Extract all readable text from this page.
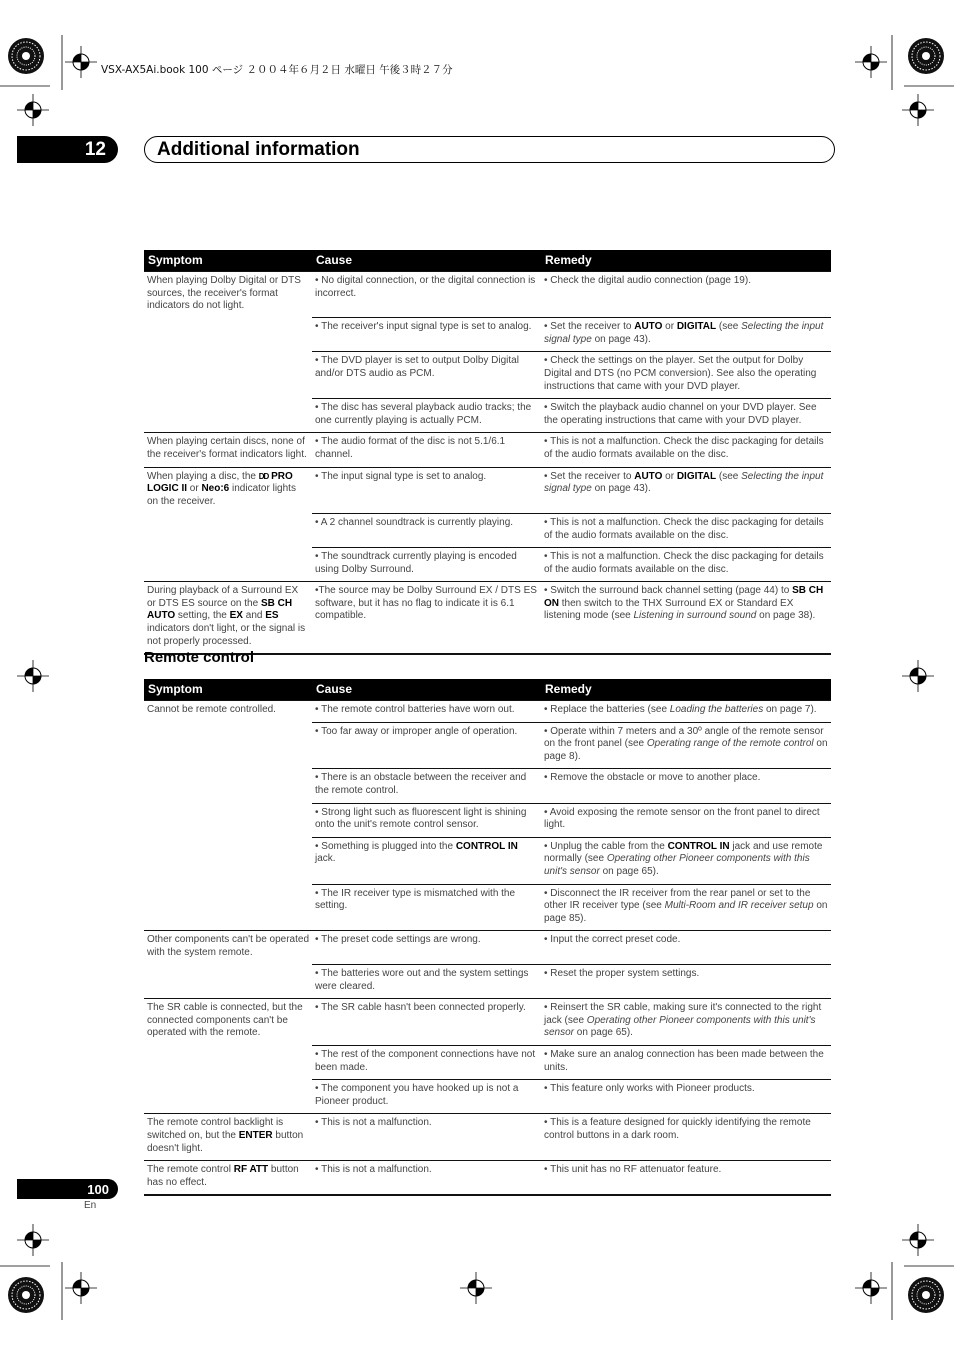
VSX-AX5Ai.book 100 ページ ２００４年６月２日 水曜日 午後３時２７分
12	Additional information
Symptom	Cause	Remedy
When playing Dolby Digital or DTS sources, the receiver's format indicators do not light.	• No digital connection, or the digital connection is incorrect.	• Check the digital audio connection (page 19).
	• The receiver's input signal type is set to analog.	• Set the receiver to AUTO or DIGITAL (see Selecting the input signal type on page 43).
	• The DVD player is set to output Dolby Digital and/or DTS audio as PCM.	• Check the settings on the player. Set the output for Dolby Digital and DTS (no PCM conversion). See also the operating instructions that came with your DVD player.
	• The disc has several playback audio tracks; the one currently playing is actually PCM.	• Switch the playback audio channel on your DVD player. See the operating instructions that came with your DVD player.
When playing certain discs, none of the receiver's format indicators light.	• The audio format of the disc is not 5.1/6.1 channel.	• This is not a malfunction. Check the disc packaging for details of the audio formats available on the disc.
When playing a disc, the DD PRO LOGIC II or Neo:6 indicator lights on the receiver.	• The input signal type is set to analog.	• Set the receiver to AUTO or DIGITAL (see Selecting the input signal type on page 43).
	• A 2 channel soundtrack is currently playing.	• This is not a malfunction. Check the disc packaging for details of the audio formats available on the disc.
	• The soundtrack currently playing is encoded using Dolby Surround.	• This is not a malfunction. Check the disc packaging for details of the audio formats available on the disc.
During playback of a Surround EX or DTS ES source on the SB CH AUTO setting, the EX and ES indicators don't light, or the signal is not properly processed.	•The source may be Dolby Surround EX / DTS ES software, but it has no flag to indicate it is 6.1 compatible.	• Switch the surround back channel setting (page 44) to SB CH ON then switch to the THX Surround EX or Standard EX listening mode (see Listening in surround sound on page 38).
Remote control
Symptom	Cause	Remedy
Cannot be remote controlled.	• The remote control batteries have worn out.	• Replace the batteries (see Loading the batteries on page 7).
	• Too far away or improper angle of operation.	• Operate within 7 meters and a 30º angle of the remote sensor on the front panel (see Operating range of the remote control on page 8).
	• There is an obstacle between the receiver and the remote control.	• Remove the obstacle or move to another place.
	• Strong light such as fluorescent light is shining onto the unit's remote control sensor.	• Avoid exposing the remote sensor on the front panel to direct light.
	• Something is plugged into the CONTROL IN jack.	• Unplug the cable from the CONTROL IN jack and use remote normally (see Operating other Pioneer components with this unit's sensor on page 65).
	• The IR receiver type is mismatched with the setting.	• Disconnect the IR receiver from the rear panel or set to the other IR receiver type (see Multi-Room and IR receiver setup on page 85).
Other components can't be operated with the system remote.	• The preset code settings are wrong.	• Input the correct preset code.
	• The batteries wore out and the system settings were cleared.	• Reset the proper system settings.
The SR cable is connected, but the connected components can't be operated with the remote.	• The SR cable hasn't been connected properly.	• Reinsert the SR cable, making sure it's connected to the right jack (see Operating other Pioneer components with this unit's sensor on page 65).
	• The rest of the component connections have not been made.	• Make sure an analog connection has been made between the units.
	• The component you have hooked up is not a Pioneer product.	• This feature only works with Pioneer products.
The remote control backlight is switched on, but the ENTER button doesn't light.	• This is not a malfunction.	• This is a feature designed for quickly identifying the remote control buttons in a dark room.
The remote control RF ATT button has no effect.	• This is not a malfunction.	• This unit has no RF attenuator feature.
100
En
